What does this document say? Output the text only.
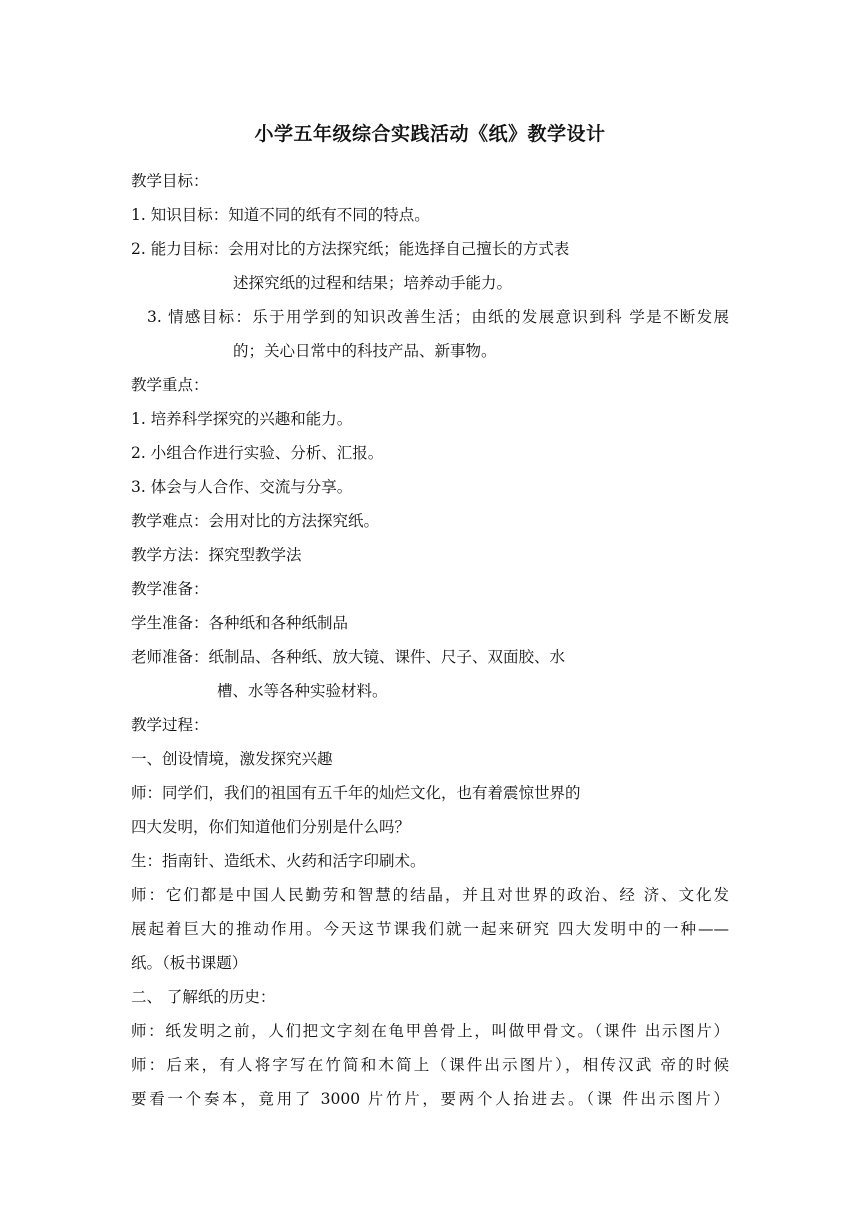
小学五年级综合实践活动《纸》教学设计
教学目标：
1. 知识目标：知道不同的纸有不同的特点。
2. 能力目标：会用对比的方法探究纸；能选择自己擅长的方式表
述探究纸的过程和结果；培养动手能力。
3. 情感目标：乐于用学到的知识改善生活；由纸的发展意识到科 学是不断发展
的；关心日常中的科技产品、新事物。
教学重点：
1. 培养科学探究的兴趣和能力。
2. 小组合作进行实验、分析、汇报。
3. 体会与人合作、交流与分享。
教学难点：会用对比的方法探究纸。
教学方法：探究型教学法
教学准备：
学生准备：各种纸和各种纸制品
老师准备：纸制品、各种纸、放大镜、课件、尺子、双面胶、水
槽、水等各种实验材料。
教学过程：
一、创设情境，激发探究兴趣
师：同学们，我们的祖国有五千年的灿烂文化，也有着震惊世界的
四大发明，你们知道他们分别是什么吗？
生：指南针、造纸术、火药和活字印刷术。
师：它们都是中国人民勤劳和智慧的结晶，并且对世界的政治、经 济、文化发
展起着巨大的推动作用。今天这节课我们就一起来研究 四大发明中的一种——
纸。（板书课题）
二、 了解纸的历史：
师：纸发明之前，人们把文字刻在龟甲兽骨上，叫做甲骨文。（课件 出示图片）
师：后来，有人将字写在竹简和木简上（课件出示图片），相传汉武 帝的时候
要看一个奏本，竟用了 3000 片竹片，要两个人抬进去。（课 件出示图片）
